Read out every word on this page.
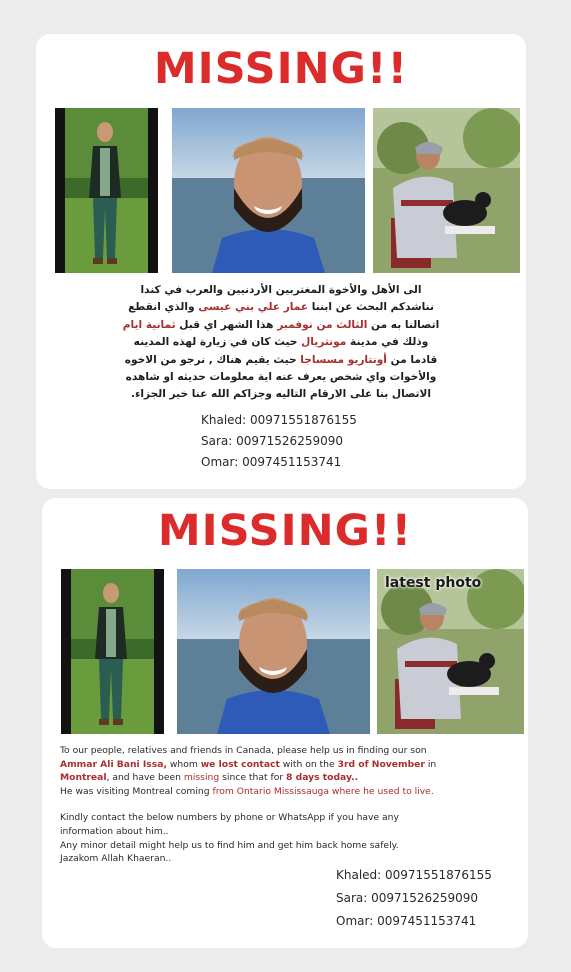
MISSING!!

الى الأهل والأخوة المغتربين الأردنيين والعرب في كندا

نناشدكم البحث عن ابننا عمار علي بني عيسى والذي انقطع

اتصالنا به من الثالث من نوفمبر هذا الشهر اي قبل ثمانية ايام

وذلك في مدينة مونتريال حيث كان في زيارة لهذه المدينه

قادما من أونتاريو مسساجا حيث يقيم هناك , نرجو من الاخوه

والأخوات واي شخص يعرف عنه اية معلومات حديثه او شاهده

الاتصال بنا على الارقام التاليه وجزاكم الله عنا خير الجزاء.

Khaled: 00971551876155
Sara: 00971526259090
Omar: 0097451153741
MISSING!!
latest photo

To our people, relatives and friends in Canada, please help us in finding our son

Ammar Ali Bani Issa, whom we lost contact with on the 3rd of November in

Montreal, and have been missing since that for 8 days today..

He was visiting Montreal coming from Ontario Mississauga where he used to live.

Kindly contact the below numbers by phone or WhatsApp if you have any

information about him..

Any minor detail might help us to find him and get him back home safely.

Jazakom Allah Khaeran..

Khaled: 00971551876155
Sara: 00971526259090
Omar: 0097451153741
